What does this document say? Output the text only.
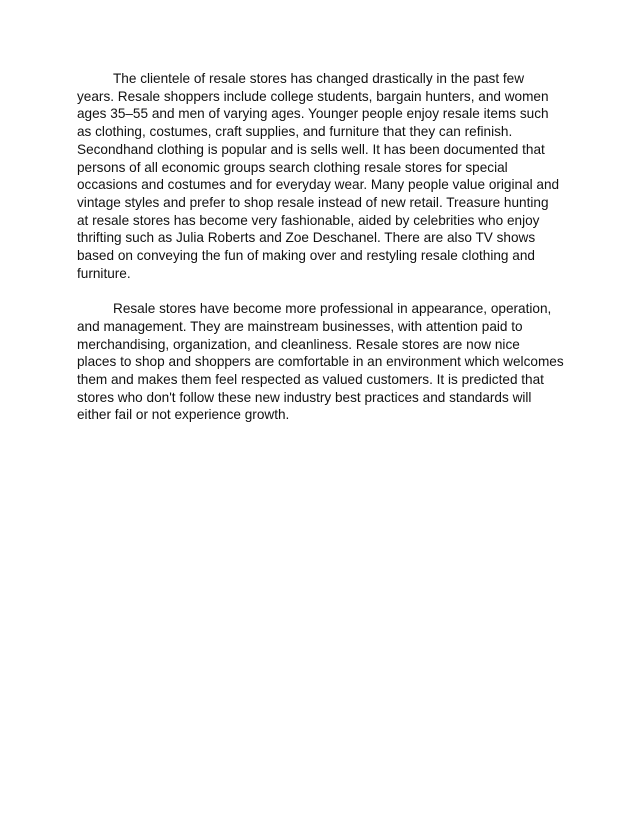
The clientele of resale stores has changed drastically in the past few
years. Resale shoppers include college students, bargain hunters, and women
ages 35–55 and men of varying ages. Younger people enjoy resale items such
as clothing, costumes, craft supplies, and furniture that they can refinish.
Secondhand clothing is popular and is sells well. It has been documented that
persons of all economic groups search clothing resale stores for special
occasions and costumes and for everyday wear. Many people value original and
vintage styles and prefer to shop resale instead of new retail. Treasure hunting
at resale stores has become very fashionable, aided by celebrities who enjoy
thrifting such as Julia Roberts and Zoe Deschanel. There are also TV shows
based on conveying the fun of making over and restyling resale clothing and
furniture.
Resale stores have become more professional in appearance, operation,
and management. They are mainstream businesses, with attention paid to
merchandising, organization, and cleanliness. Resale stores are now nice
places to shop and shoppers are comfortable in an environment which welcomes
them and makes them feel respected as valued customers. It is predicted that
stores who don't follow these new industry best practices and standards will
either fail or not experience growth.
